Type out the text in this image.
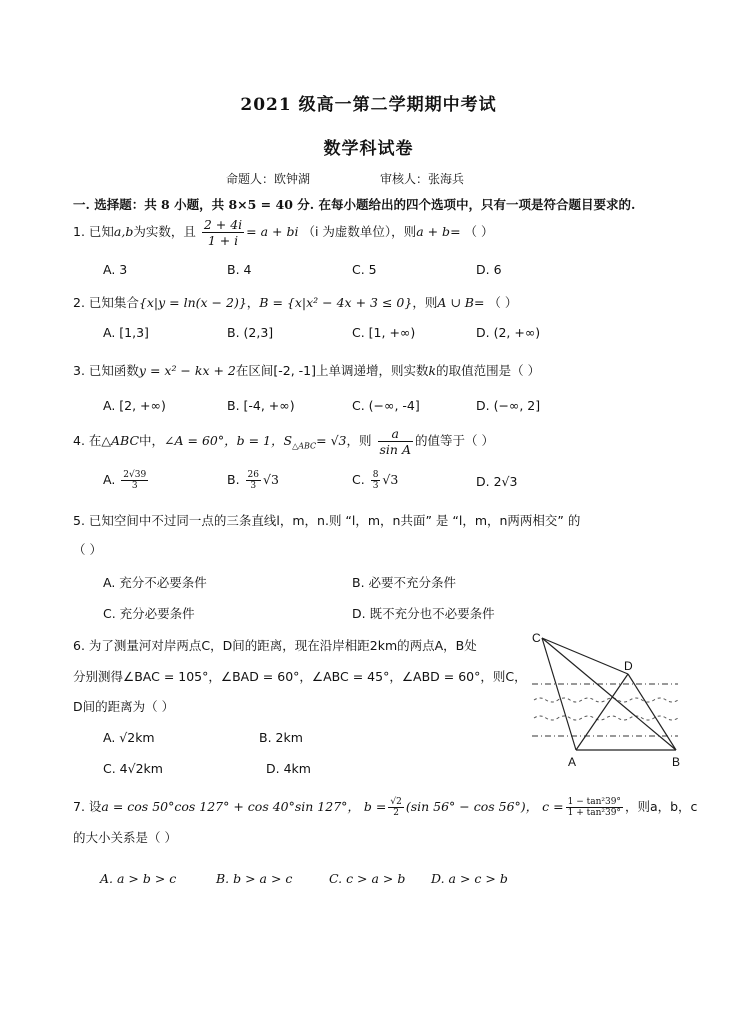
2021 级高一第二学期期中考试
数学科试卷
命题人：欧钟湖	审核人：张海兵
一. 选择题：共 8 小题，共 8×5 = 40 分. 在每小题给出的四个选项中，只有一项是符合题目要求的.
1. 已知a,b为实数，且 $\frac{2 + 4i}{1 + i} = a$ + bi （i 为虚数单位），则a + b= （ ）
A. 3	B. 4	C. 5	D. 6
2. 已知集合{x|y = ln(x − 2)}，B = {x|x² − 4x + 3 ≤ 0}，则A ∪ B= （ ）
A. [1,3]	B. (2,3]	C. [1, +∞)	D. (2, +∞)
3. 已知函数y = x² − kx + 2在区间[-2, -1]上单调递增，则实数k的取值范围是（ ）
A. [2, +∞)	B. [-4, +∞)	C. (−∞, -4]	D. (−∞, 2]
4. 在△ABC中，∠A = 60°，b = 1，$S_{\triangle ABC}= √3$，则 $\frac{a}{\text{sin A}}$ 的值等于（ ）
A. $\frac{2√39}{3}$	B. $\frac{26}{3} √3$	C. $\frac{8}{3} √3$	D. 2√3
5. 已知空间中不过同一点的三条直线l，m，n.则 “l，m，n共面” 是 “l，m，n两两相交” 的
（ ）
A. 充分不必要条件	B. 必要不充分条件
C. 充分必要条件	D. 既不充分也不必要条件
6. 为了测量河对岸两点C，D间的距离，现在沿岸相距2km的两点A，B处
分别测得∠BAC = 105°，∠BAD = 60°，∠ABC = 45°，∠ABD = 60°，则C，
D间的距离为（ ）
A. √2km	B. 2km
C. 4√2km	D. 4km
C
D
A	B
7. 设a = cos 50°cos 127° + cos 40°sin 127°， $b = \frac{√2}{2} (\sin$ 56° − cos 56°)， $c = \frac{\text{1 − tan²39°}}{\text{1 + tan²39°}}$ ，则a，b，c
的大小关系是（ ）
A. a > b > c	B. b > a > c	C. c > a > b D. a > c > b
